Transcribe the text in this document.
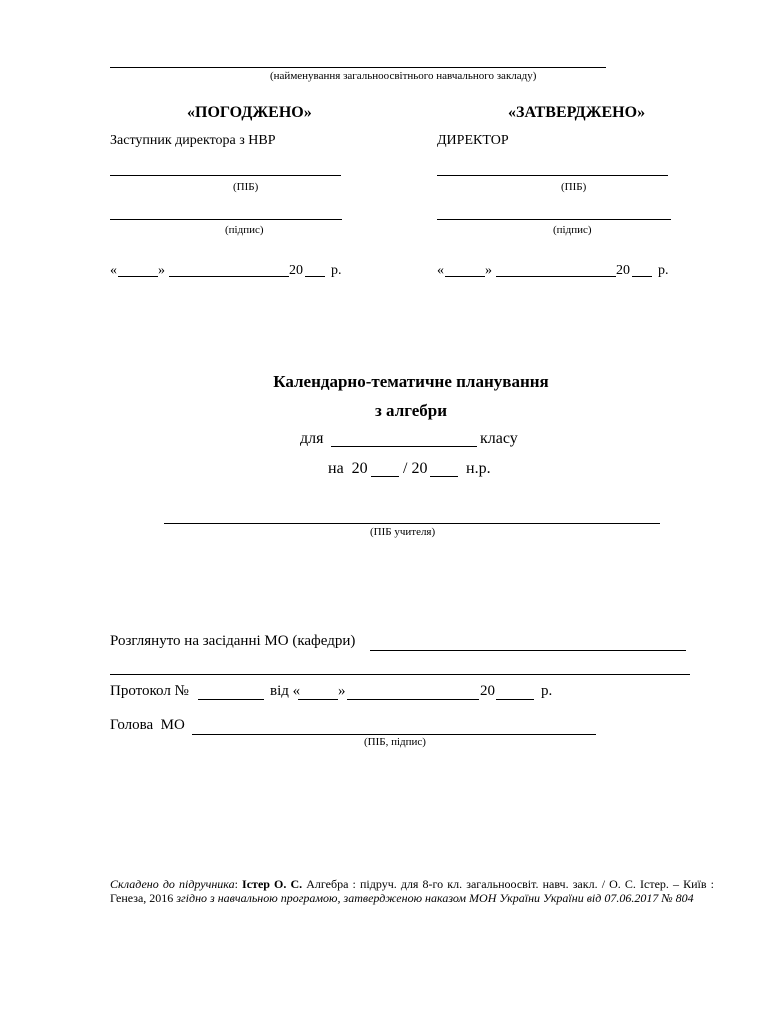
(найменування загальноосвітнього навчального закладу)
«ПОГОДЖЕНО»
Заступник директора з НВР
(ПІБ)
(підпис)
«	»	20 р.
«ЗАТВЕРДЖЕНО»
ДИРЕКТОР
(ПІБ)
(підпис)
«	»	20 р.
Календарно-тематичне планування
з алгебри
для	класу
на  20 / 20 н.р.
(ПІБ учителя)
Розглянуто на засіданні МО (кафедри)
Протокол №	від «	»	20	р.
Голова  МО
(ПІБ, підпис)
Складено до підручника: Істер О. С. Алгебра : підруч. для 8-го кл. загальноосвіт. навч. закл. / О. С. Істер. – Київ : Генеза, 2016 згідно з навчальною програмою, затвердженою наказом МОН України України від 07.06.2017 № 804
